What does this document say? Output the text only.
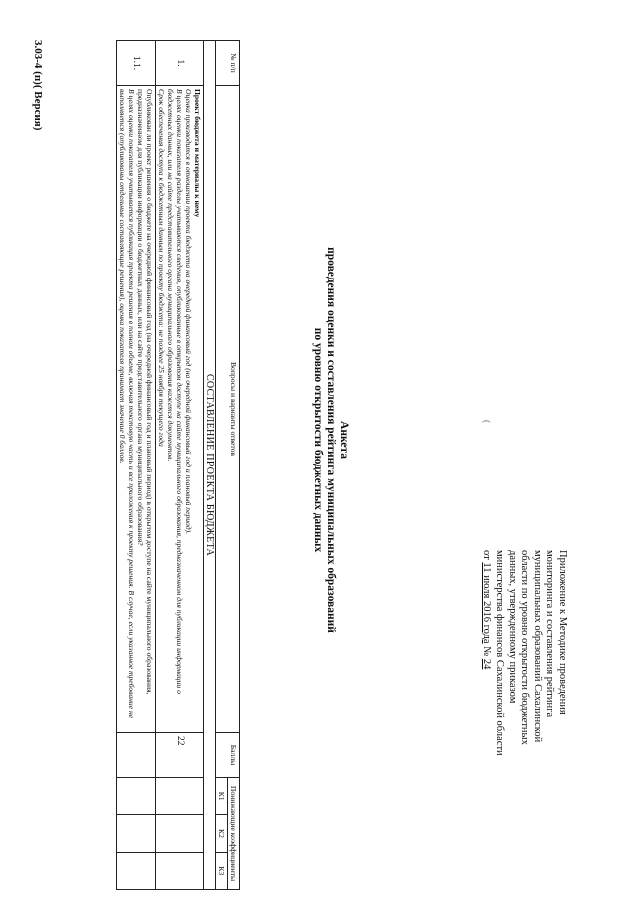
Приложение к Методике проведения
мониторинга и составления рейтинга
муниципальных образований Сахалинской
области по уровню открытости бюджетных
данных, утвержденному приказом
министерства финансов Сахалинской области
от 11 июля 2016 года № 24
(
Анкета
проведения оценки и составления рейтинга муниципальных образований
по уровню открытости бюджетных данных
№ п/п	Вопросы и варианты ответов	Баллы	Понижающие коэффициенты		
			К1	К2	К3
СОСТАВЛЕНИЕ ПРОЕКТА БЮДЖЕТА					
1.	Проект бюджета и материалы к нему
Оценка производится в отношении проекта бюджета на очередной финансовый год (на очередной финансовый год и плановый период).
В целях оценки показателя разделы учитываются сведения, опубликованные в открытом доступе на сайте муниципального образования, предназначенном для публикации информации о бюджетных данных, или на сайте представительного органа муниципального образования кажется документов.
Срок обеспечения доступа к бюджетным данным по проекту бюджета: не позднее 25 ноября текущего года	22			
1.1.	Опубликован ли проект решения о бюджете на очередной финансовый год (на очередной финансовый год и плановый период) в открытом доступе на сайте муниципального образования, предназначенном для публикации информации о бюджетных данных, или на сайте представительного органа муниципального образования?
В целях оценки показателя учитывается публикация проекта решения в полном объеме, включая текстовую часть и все приложения к проекту решения. В случае, если указанное требование не выполняется (опубликованы отдельные составляющие решения), оценка показателя принимает значение 0 баллов.				

3.03-4 (п)( Версия)
